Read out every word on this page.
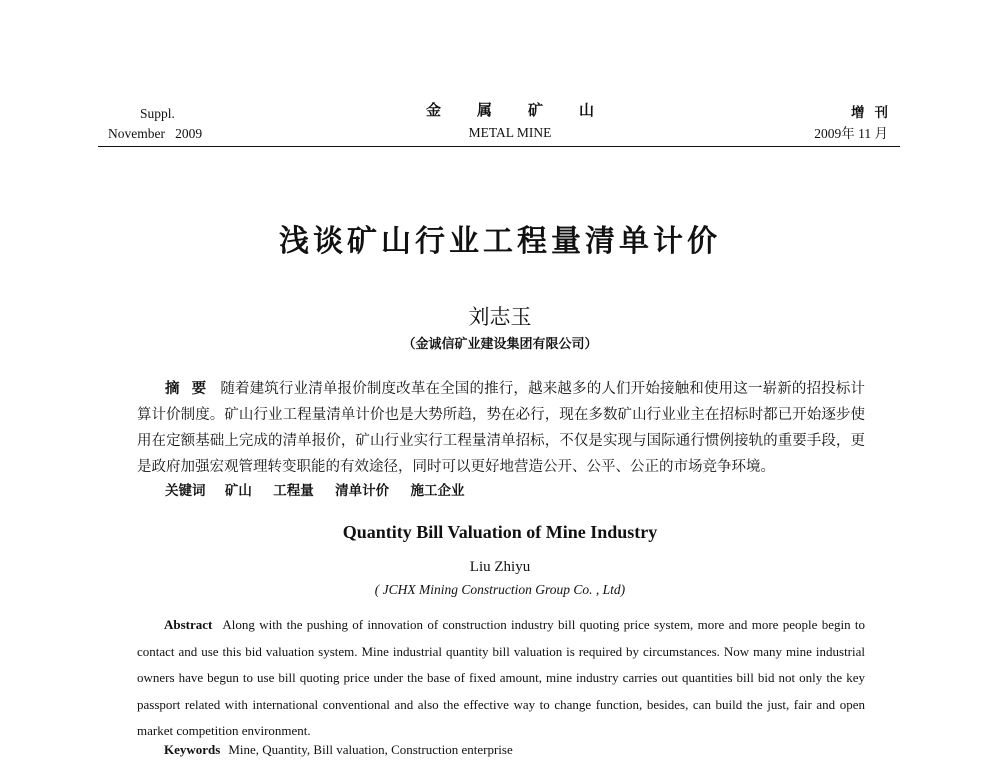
Suppl.
November   2009
金属矿山
METAL MINE
增刊
2009年 11 月
浅谈矿山行业工程量清单计价
刘志玉
（金诚信矿业建设集团有限公司）
摘要 随着建筑行业清单报价制度改革在全国的推行，越来越多的人们开始接触和使用这一崭新的招投标计算计价制度。矿山行业工程量清单计价也是大势所趋，势在必行，现在多数矿山行业业主在招标时都已开始逐步使用在定额基础上完成的清单报价，矿山行业实行工程量清单招标，不仅是实现与国际通行惯例接轨的重要手段，更是政府加强宏观管理转变职能的有效途径，同时可以更好地营造公开、公平、公正的市场竞争环境。
关键词 矿山 工程量 清单计价 施工企业
Quantity Bill Valuation of Mine Industry
Liu Zhiyu
( JCHX Mining Construction Group Co. , Ltd)
Abstract Along with the pushing of innovation of construction industry bill quoting price system, more and more people begin to contact and use this bid valuation system. Mine industrial quantity bill valuation is required by circumstances. Now many mine industrial owners have begun to use bill quoting price under the base of fixed amount, mine industry carries out quantities bill bid not only the key passport related with international conventional and also the effective way to change function, besides, can build the just, fair and open market competition environment.
Keywords Mine, Quantity, Bill valuation, Construction enterprise
